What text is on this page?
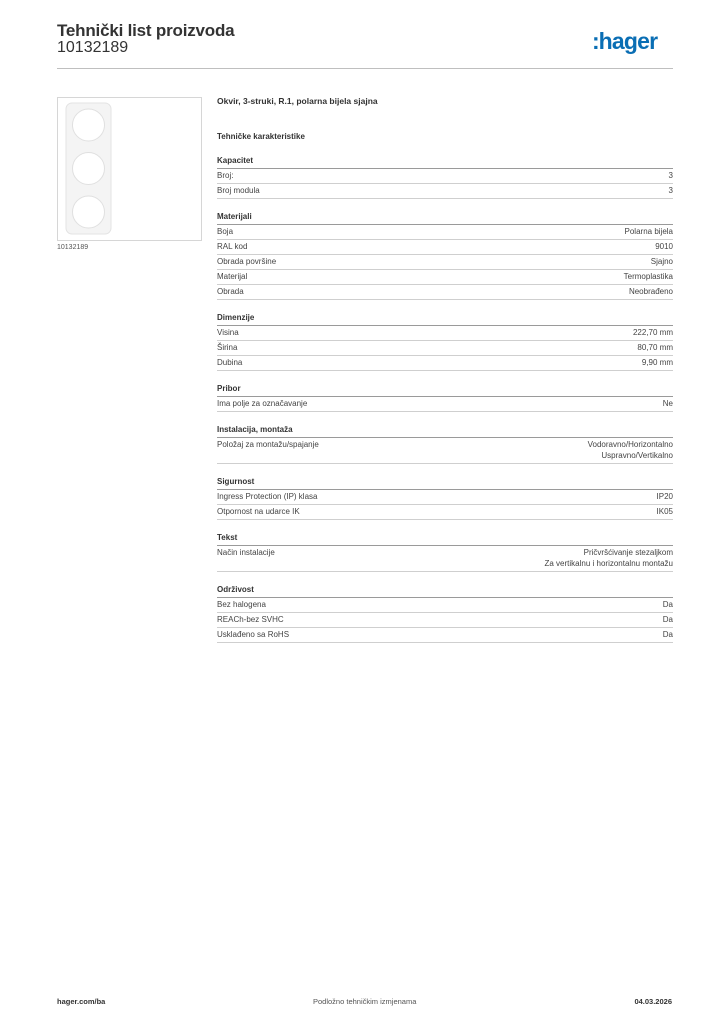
Tehnički list proizvoda
10132189	:hager
10132189
Okvir, 3-struki, R.1, polarna bijela sjajna
Tehničke karakteristike
Kapacitet
Broj:	3
Broj modula	3
Materijali
Boja	Polarna bijela
RAL kod	9010
Obrada površine	Sjajno
Materijal	Termoplastika
Obrada	Neobrađeno
Dimenzije
Visina	222,70 mm
Širina	80,70 mm
Dubina	9,90 mm
Pribor
Ima polje za označavanje	Ne
Instalacija, montaža
Položaj za montažu/spajanje	Vodoravno/Horizontalno
Uspravno/Vertikalno
Sigurnost
Ingress Protection (IP) klasa	IP20
Otpornost na udarce IK	IK05
Tekst
Način instalacije	Pričvršćivanje stezaljkom
Za vertikalnu i horizontalnu montažu
Održivost
Bez halogena	Da
REACh-bez SVHC	Da
Usklađeno sa RoHS	Da
hager.com/ba	Podložno tehničkim izmjenama	04.03.2026
